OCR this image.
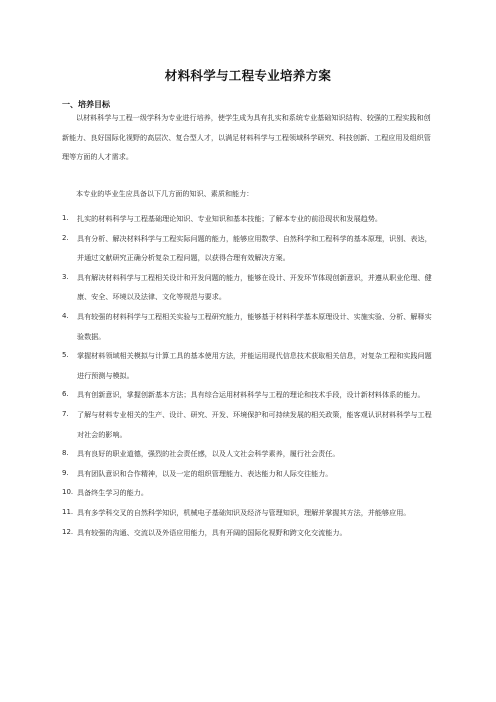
材料科学与工程专业培养方案
一、培养目标

以材料科学与工程一级学科为专业进行培养，使学生成为具有扎实和系统专业基础知识结构、较强的工程实践和创新能力、良好国际化视野的高层次、复合型人才，以满足材料科学与工程领域科学研究、科技创新、工程应用及组织管理等方面的人才需求。

本专业的毕业生应具备以下几方面的知识、素质和能力：

1. 扎实的材料科学与工程基础理论知识、专业知识和基本技能；了解本专业的前沿现状和发展趋势。
2. 具有分析、解决材料科学与工程实际问题的能力，能够应用数学、自然科学和工程科学的基本原理，识别、表达，并通过文献研究正确分析复杂工程问题，以获得合理有效解决方案。
3. 具有解决材料科学与工程相关设计和开发问题的能力，能够在设计、开发环节体现创新意识，并遵从职业伦理、健康、安全、环境以及法律、文化等规范与要求。
4. 具有较强的材料科学与工程相关实验与工程研究能力，能够基于材料科学基本原理设计、实施实验、分析、解释实验数据。
5. 掌握材料领域相关模拟与计算工具的基本使用方法，并能运用现代信息技术获取相关信息，对复杂工程和实践问题进行预测与模拟。
6. 具有创新意识，掌握创新基本方法；具有综合运用材料科学与工程的理论和技术手段，设计新材料体系的能力。
7. 了解与材料专业相关的生产、设计、研究、开发、环境保护和可持续发展的相关政策，能客观认识材料科学与工程对社会的影响。
8. 具有良好的职业道德，强烈的社会责任感，以及人文社会科学素养，履行社会责任。
9. 具有团队意识和合作精神，以及一定的组织管理能力、表达能力和人际交往能力。
10. 具备终生学习的能力。
11. 具有多学科交叉的自然科学知识，机械电子基础知识及经济与管理知识，理解并掌握其方法，并能够应用。
12. 具有较强的沟通、交流以及外语应用能力，具有开阔的国际化视野和跨文化交流能力。
